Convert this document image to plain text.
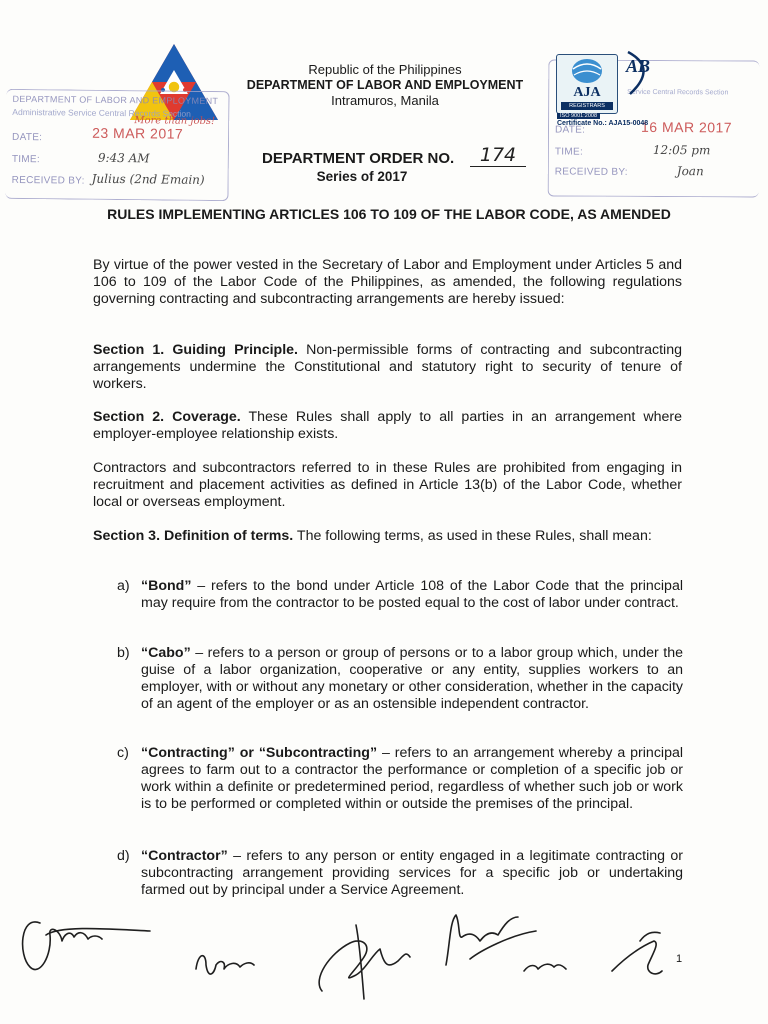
Republic of the Philippines
DEPARTMENT OF LABOR AND EMPLOYMENT
Intramuros, Manila
DEPARTMENT ORDER NO.	174
Series of 2017
DEPARTMENT OF LABOR AND EMPLOYMENT
Administrative Service Central Records Section
DATE:	23 MAR 2017
More than jobs!
TIME:	9:43 AM
RECEIVED BY: Julius (2nd Emain)
Service Central Records Section
DATE:	16 MAR 2017
TIME:	12:05 pm
RECEIVED BY:	Joan
AJA
REGISTRARS
AB
ISO 9001:2008
Certificate No.: AJA15-0048
RULES IMPLEMENTING ARTICLES 106 TO 109 OF THE LABOR CODE, AS AMENDED

By virtue of the power vested in the Secretary of Labor and Employment under Articles 5 and 106 to 109 of the Labor Code of the Philippines, as amended, the following regulations governing contracting and subcontracting arrangements are hereby issued:

Section 1. Guiding Principle. Non-permissible forms of contracting and subcontracting arrangements undermine the Constitutional and statutory right to security of tenure of workers.

Section 2. Coverage. These Rules shall apply to all parties in an arrangement where employer-employee relationship exists.

Contractors and subcontractors referred to in these Rules are prohibited from engaging in recruitment and placement activities as defined in Article 13(b) of the Labor Code, whether local or overseas employment.

Section 3. Definition of terms. The following terms, as used in these Rules, shall mean:

a) “Bond” – refers to the bond under Article 108 of the Labor Code that the principal may require from the contractor to be posted equal to the cost of labor under contract.
b) “Cabo” – refers to a person or group of persons or to a labor group which, under the guise of a labor organization, cooperative or any entity, supplies workers to an employer, with or without any monetary or other consideration, whether in the capacity of an agent of the employer or as an ostensible independent contractor.
c) “Contracting” or “Subcontracting” – refers to an arrangement whereby a principal agrees to farm out to a contractor the performance or completion of a specific job or work within a definite or predetermined period, regardless of whether such job or work is to be performed or completed within or outside the premises of the principal.
d) “Contractor” – refers to any person or entity engaged in a legitimate contracting or subcontracting arrangement providing services for a specific job or undertaking farmed out by principal under a Service Agreement.
1
